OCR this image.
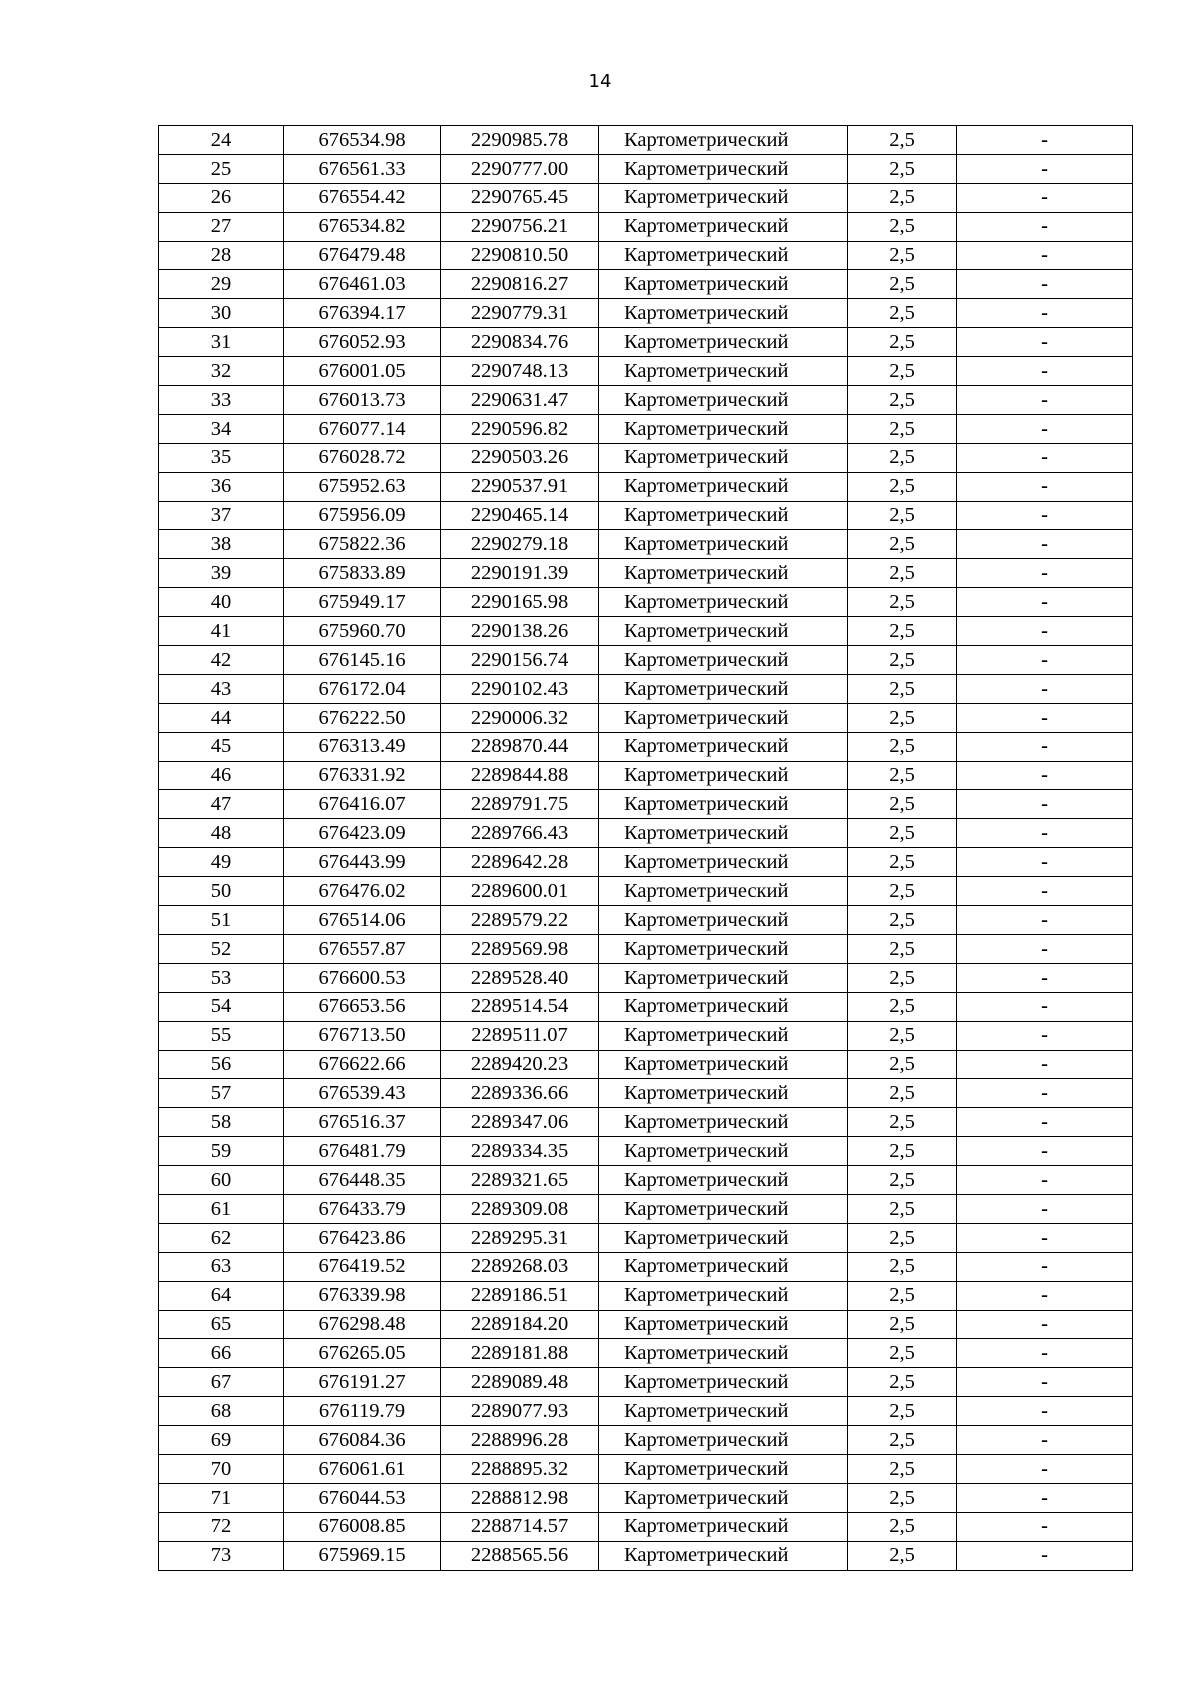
14
24	676534.98	2290985.78	Картометрический	2,5	-
25	676561.33	2290777.00	Картометрический	2,5	-
26	676554.42	2290765.45	Картометрический	2,5	-
27	676534.82	2290756.21	Картометрический	2,5	-
28	676479.48	2290810.50	Картометрический	2,5	-
29	676461.03	2290816.27	Картометрический	2,5	-
30	676394.17	2290779.31	Картометрический	2,5	-
31	676052.93	2290834.76	Картометрический	2,5	-
32	676001.05	2290748.13	Картометрический	2,5	-
33	676013.73	2290631.47	Картометрический	2,5	-
34	676077.14	2290596.82	Картометрический	2,5	-
35	676028.72	2290503.26	Картометрический	2,5	-
36	675952.63	2290537.91	Картометрический	2,5	-
37	675956.09	2290465.14	Картометрический	2,5	-
38	675822.36	2290279.18	Картометрический	2,5	-
39	675833.89	2290191.39	Картометрический	2,5	-
40	675949.17	2290165.98	Картометрический	2,5	-
41	675960.70	2290138.26	Картометрический	2,5	-
42	676145.16	2290156.74	Картометрический	2,5	-
43	676172.04	2290102.43	Картометрический	2,5	-
44	676222.50	2290006.32	Картометрический	2,5	-
45	676313.49	2289870.44	Картометрический	2,5	-
46	676331.92	2289844.88	Картометрический	2,5	-
47	676416.07	2289791.75	Картометрический	2,5	-
48	676423.09	2289766.43	Картометрический	2,5	-
49	676443.99	2289642.28	Картометрический	2,5	-
50	676476.02	2289600.01	Картометрический	2,5	-
51	676514.06	2289579.22	Картометрический	2,5	-
52	676557.87	2289569.98	Картометрический	2,5	-
53	676600.53	2289528.40	Картометрический	2,5	-
54	676653.56	2289514.54	Картометрический	2,5	-
55	676713.50	2289511.07	Картометрический	2,5	-
56	676622.66	2289420.23	Картометрический	2,5	-
57	676539.43	2289336.66	Картометрический	2,5	-
58	676516.37	2289347.06	Картометрический	2,5	-
59	676481.79	2289334.35	Картометрический	2,5	-
60	676448.35	2289321.65	Картометрический	2,5	-
61	676433.79	2289309.08	Картометрический	2,5	-
62	676423.86	2289295.31	Картометрический	2,5	-
63	676419.52	2289268.03	Картометрический	2,5	-
64	676339.98	2289186.51	Картометрический	2,5	-
65	676298.48	2289184.20	Картометрический	2,5	-
66	676265.05	2289181.88	Картометрический	2,5	-
67	676191.27	2289089.48	Картометрический	2,5	-
68	676119.79	2289077.93	Картометрический	2,5	-
69	676084.36	2288996.28	Картометрический	2,5	-
70	676061.61	2288895.32	Картометрический	2,5	-
71	676044.53	2288812.98	Картометрический	2,5	-
72	676008.85	2288714.57	Картометрический	2,5	-
73	675969.15	2288565.56	Картометрический	2,5	-
